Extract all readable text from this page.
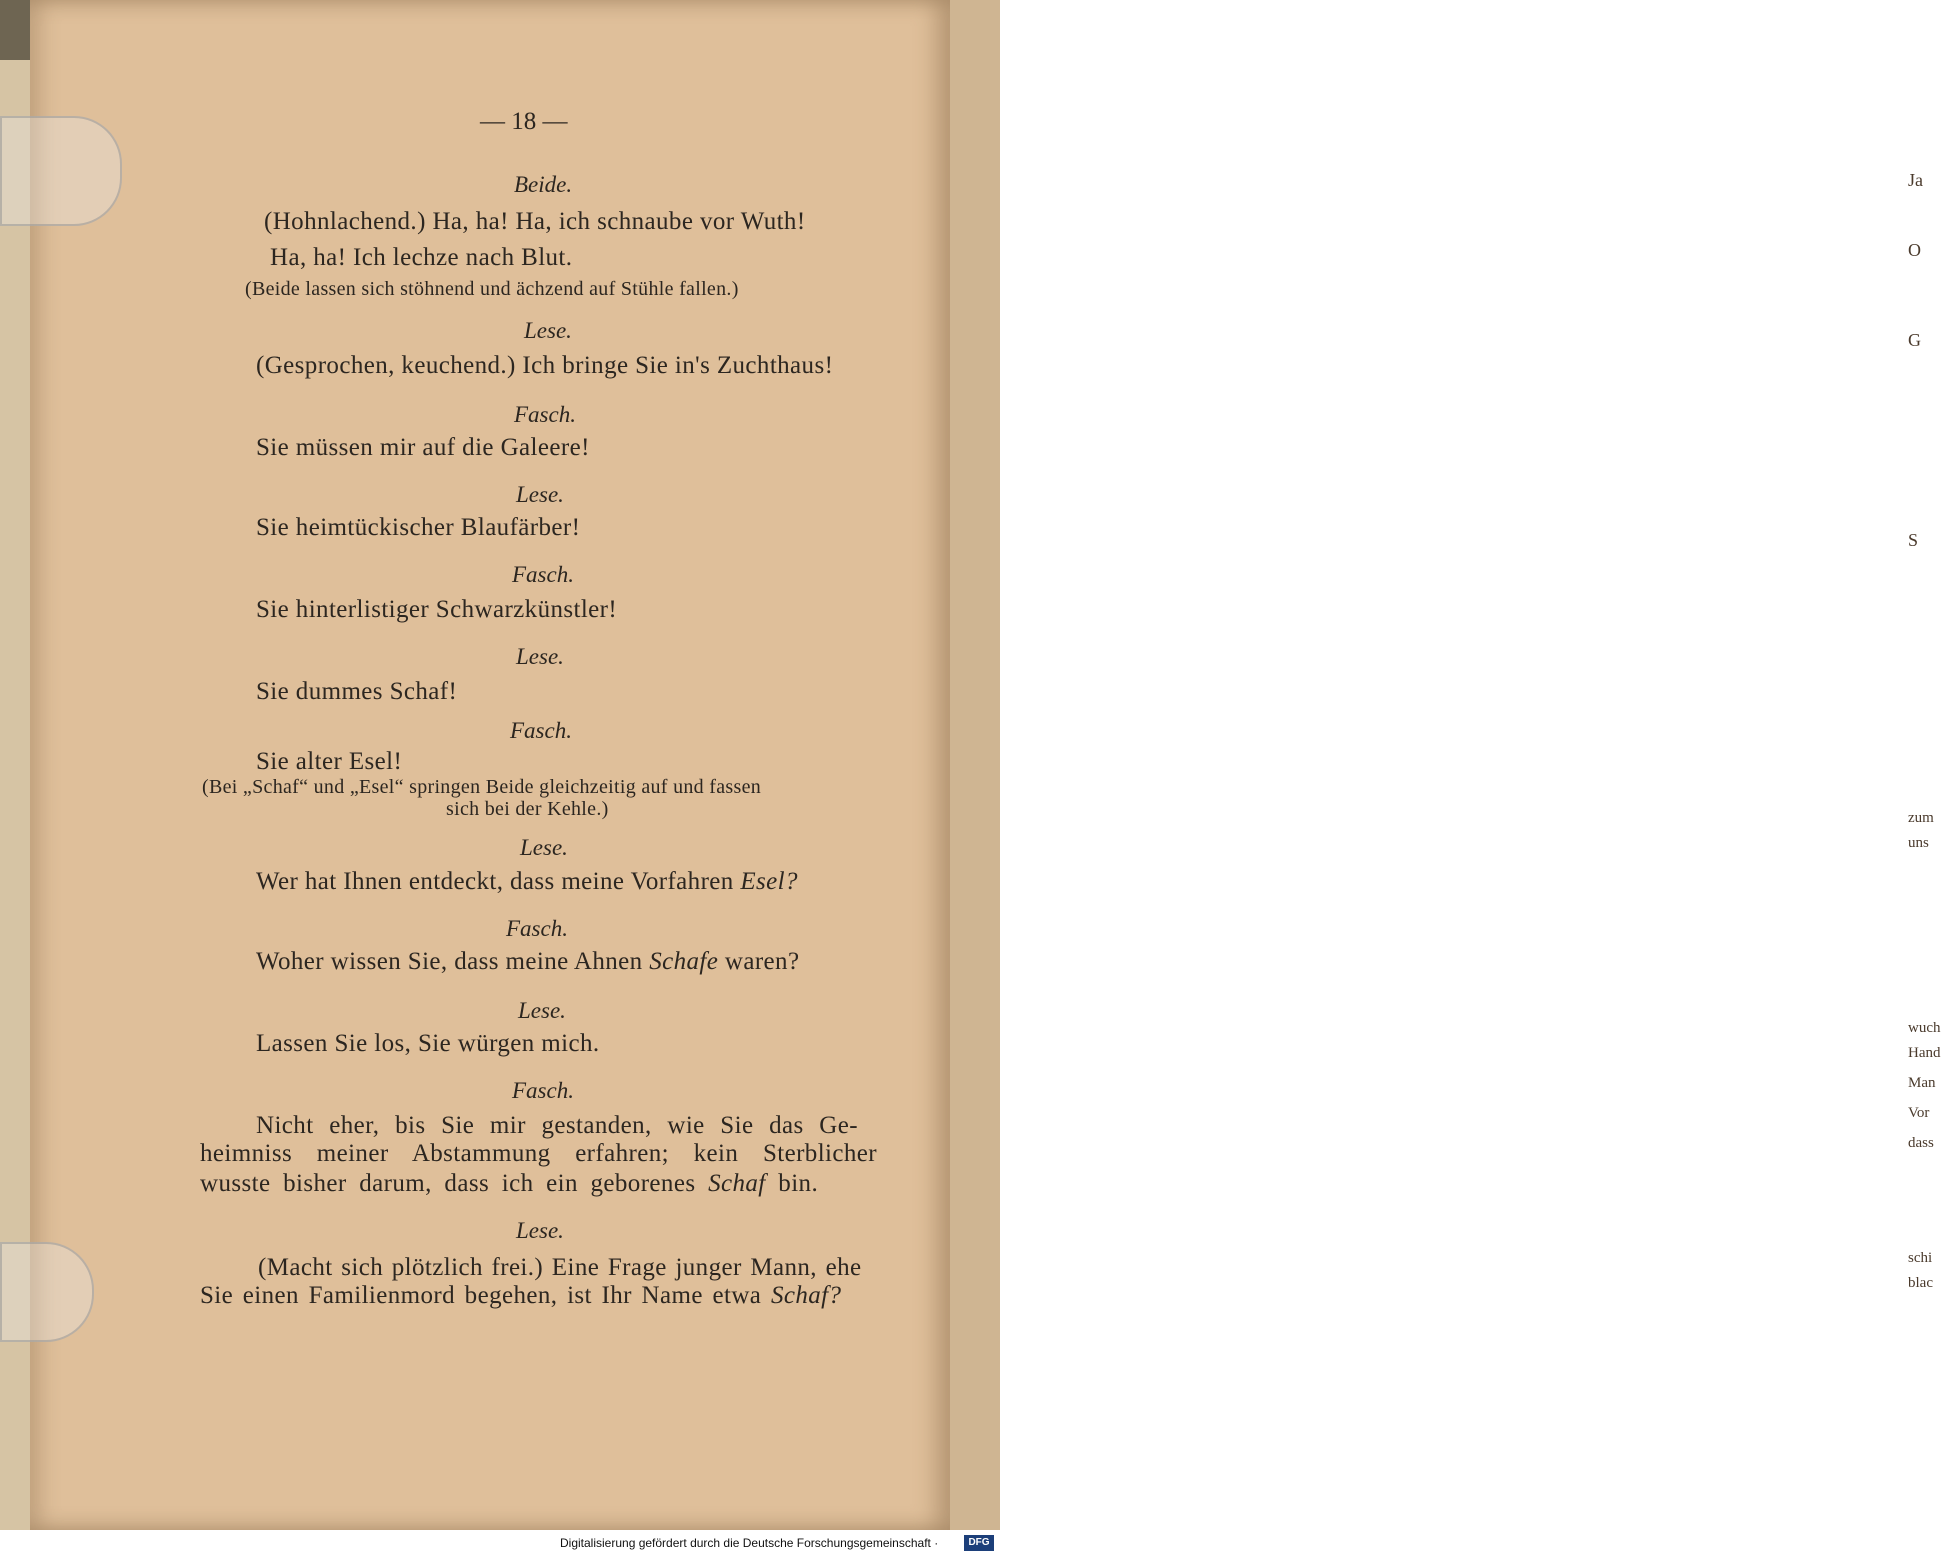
Ja
O
G
S
zum
uns
wuch
Hand
Man
Vor
dass
schi
blac
— 18 —
Beide.
(Hohnlachend.) Ha, ha! Ha, ich schnaube vor Wuth!
Ha, ha! Ich lechze nach Blut.
(Beide lassen sich stöhnend und ächzend auf Stühle fallen.)
Lese.
(Gesprochen, keuchend.) Ich bringe Sie in's Zuchthaus!
Fasch.
Sie müssen mir auf die Galeere!
Lese.
Sie heimtückischer Blaufärber!
Fasch.
Sie hinterlistiger Schwarzkünstler!
Lese.
Sie dummes Schaf!
Fasch.
Sie alter Esel!
(Bei „Schaf“ und „Esel“ springen Beide gleichzeitig auf und fassen
sich bei der Kehle.)
Lese.
Wer hat Ihnen entdeckt, dass meine Vorfahren Esel?
Fasch.
Woher wissen Sie, dass meine Ahnen Schafe waren?
Lese.
Lassen Sie los, Sie würgen mich.
Fasch.
Nicht eher, bis Sie mir gestanden, wie Sie das Ge-
heimniss meiner Abstammung erfahren; kein Sterblicher
wusste bisher darum, dass ich ein geborenes Schaf bin.
Lese.
(Macht sich plötzlich frei.) Eine Frage junger Mann, ehe
Sie einen Familienmord begehen, ist Ihr Name etwa Schaf?
Digitalisierung gefördert durch die Deutsche Forschungsgemeinschaft ·	DFG
